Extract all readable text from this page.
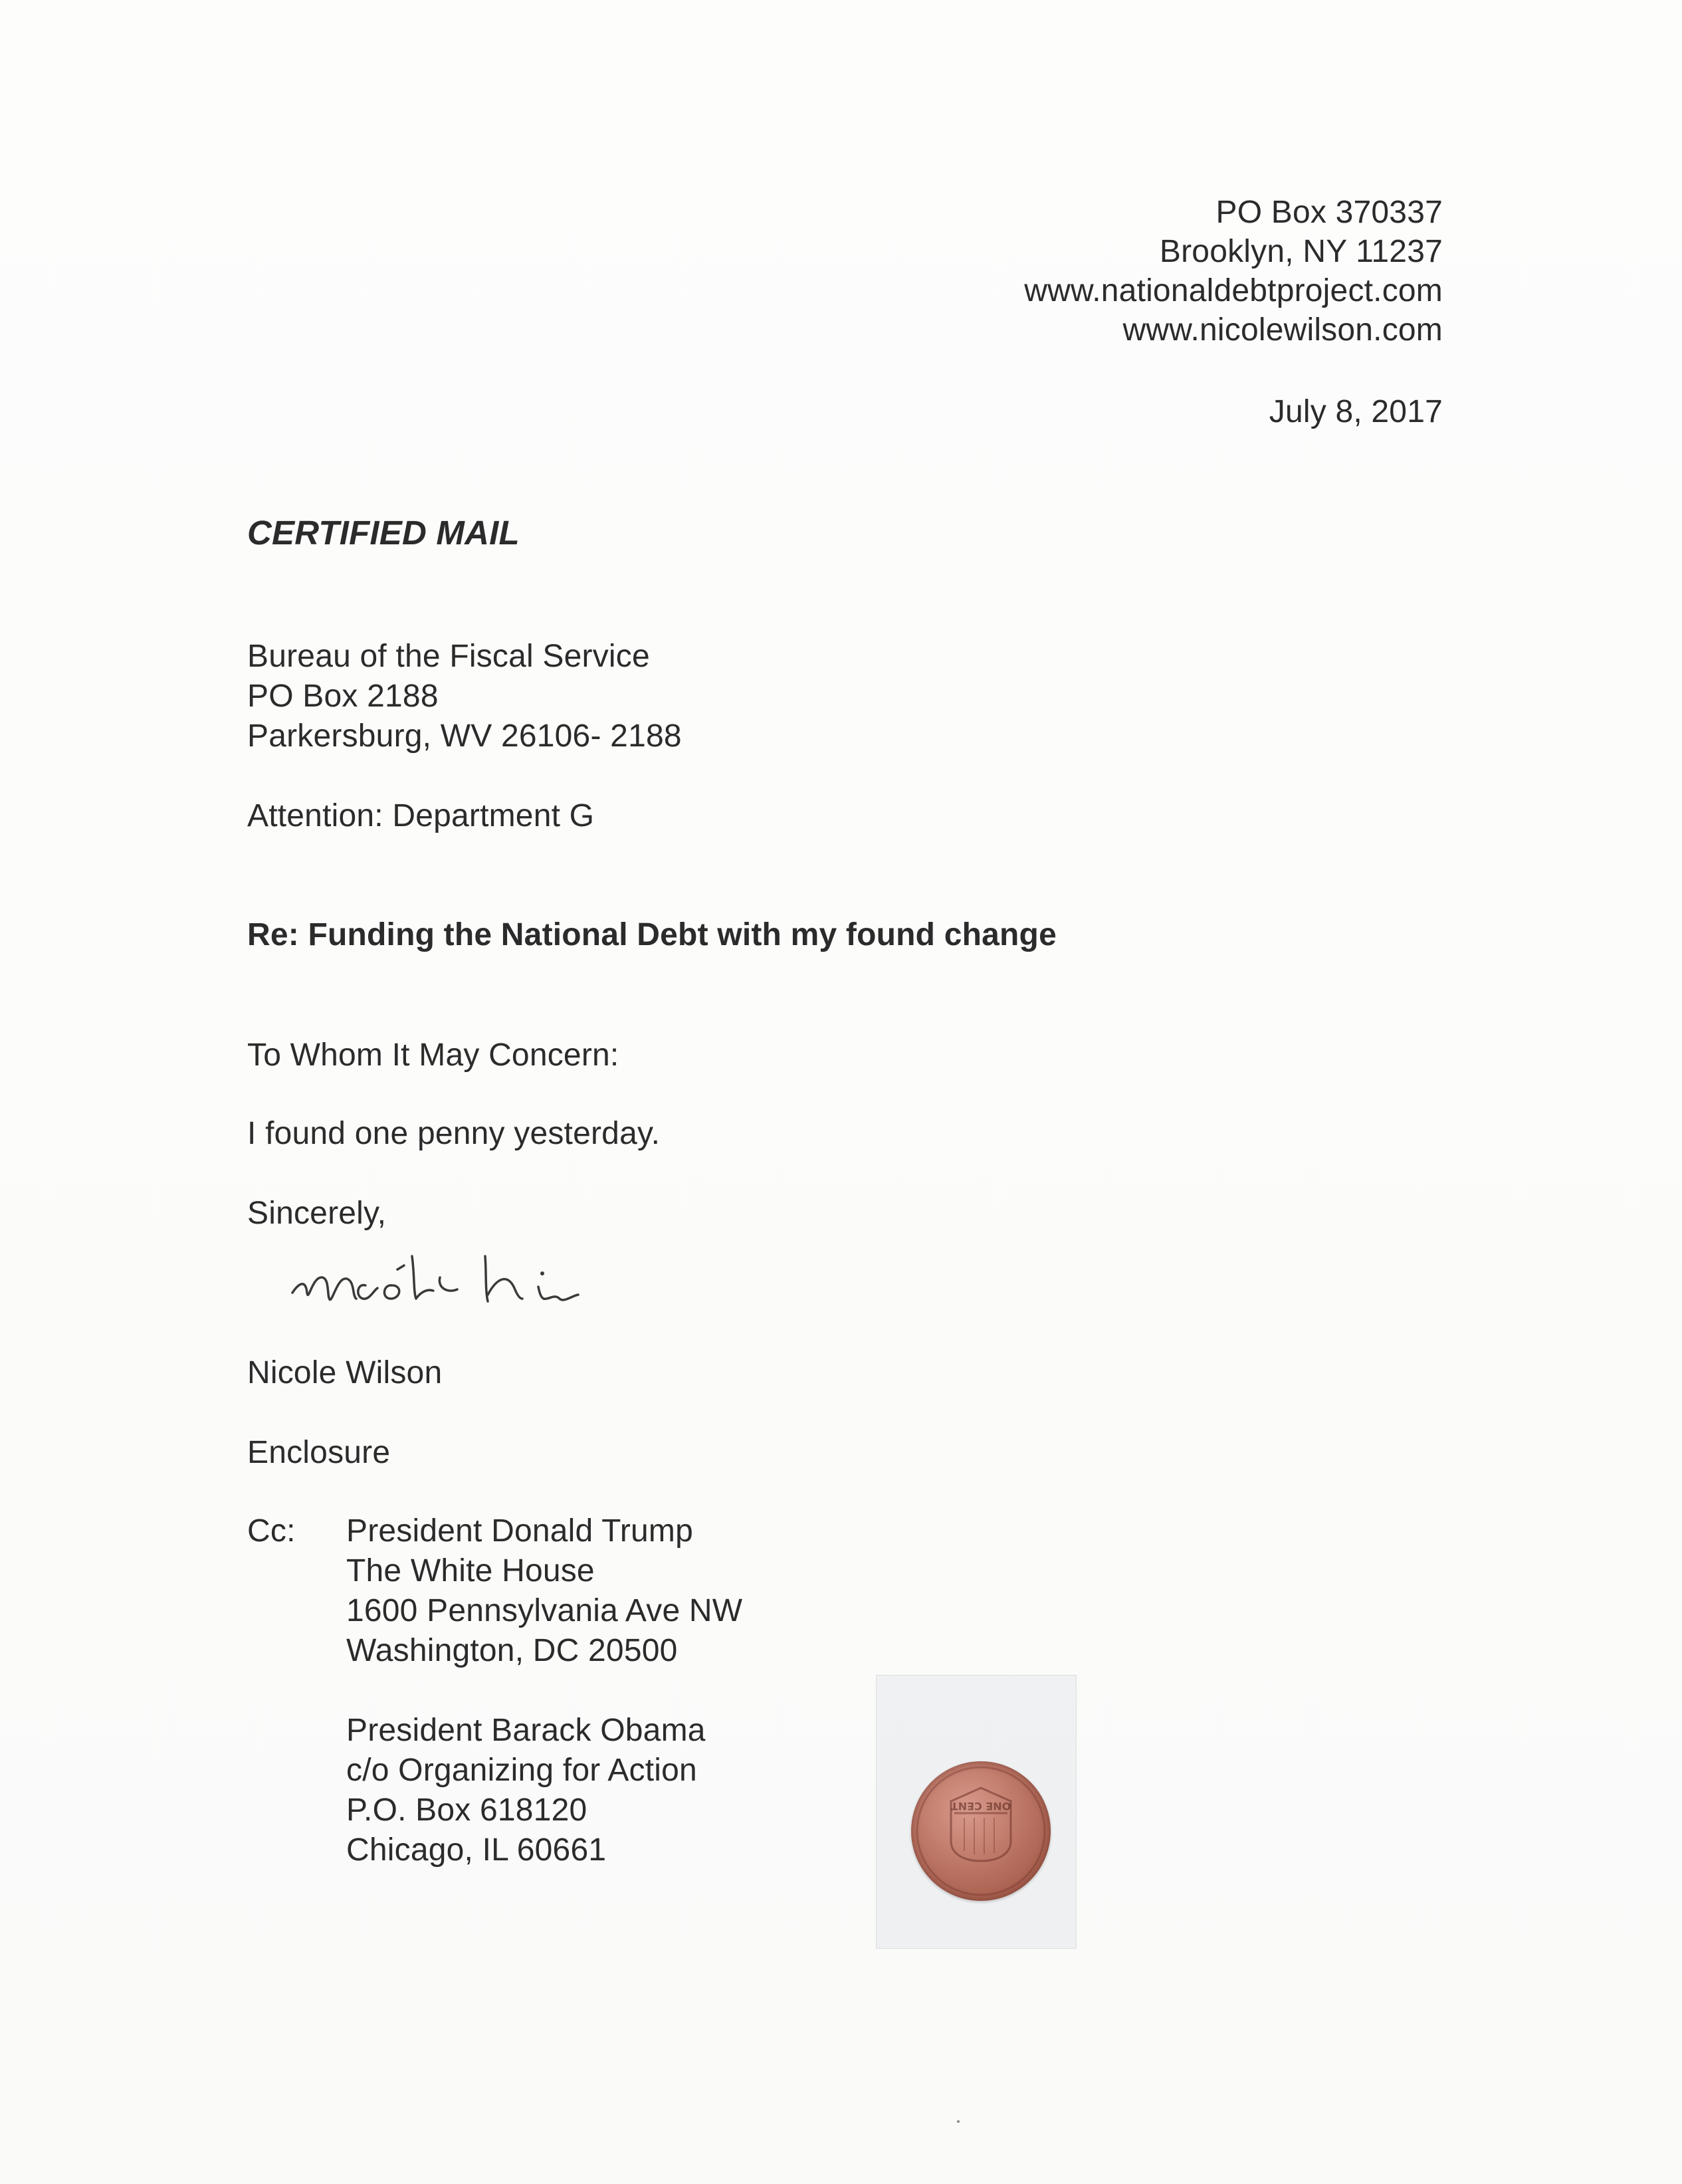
PO Box 370337
Brooklyn, NY 11237
www.nationaldebtproject.com
www.nicolewilson.com
July 8, 2017
CERTIFIED MAIL
Bureau of the Fiscal Service
PO Box 2188
Parkersburg, WV 26106- 2188
Attention: Department G
Re: Funding the National Debt with my found change
To Whom It May Concern:
I found one penny yesterday.
Sincerely,
Nicole Wilson
Enclosure
Cc: President Donald Trump
The White House
1600 Pennsylvania Ave NW
Washington, DC 20500
President Barack Obama
c/o Organizing for Action
P.O. Box 618120
Chicago, IL 60661
ONE CENT
